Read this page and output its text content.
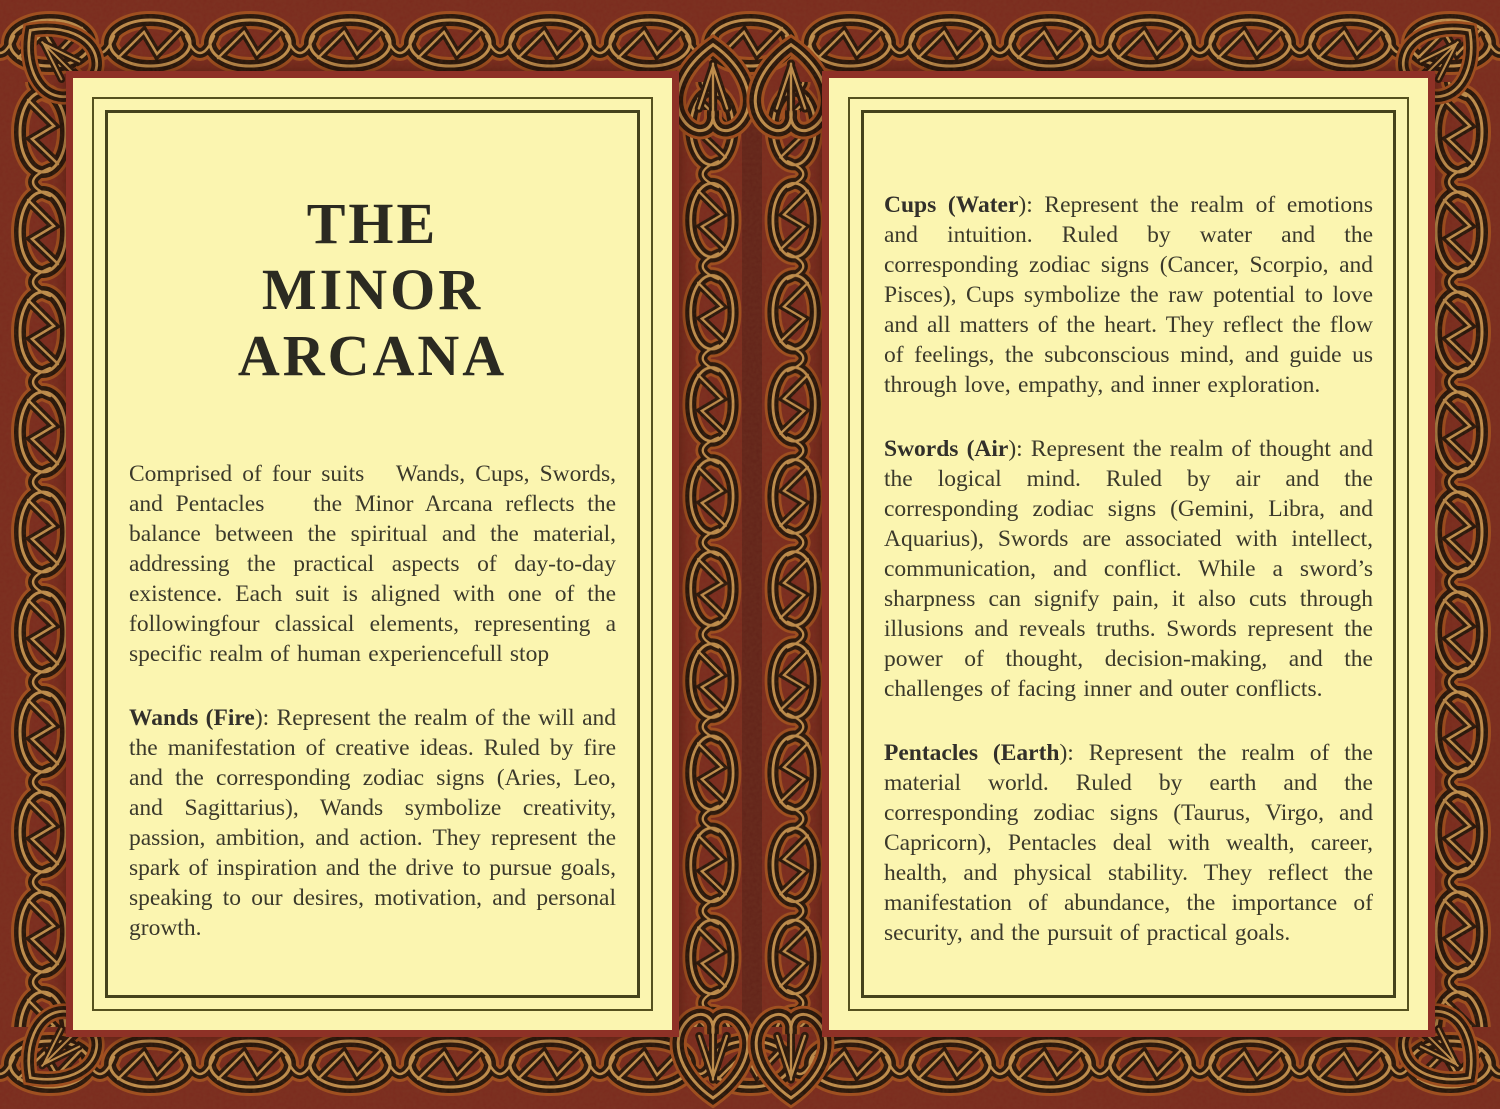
THE
MINOR
ARCANA

Comprised of four suits   Wands, Cups, Swords, and Pentacles    the Minor Arcana reflects the balance between the spiritual and the material, addressing the practical aspects of day-to-day existence. Each suit is aligned with one of the followingfour classical elements, representing a specific realm of human experiencefull stop

Wands (Fire): Represent the realm of the will and the manifestation of creative ideas. Ruled by fire and the corresponding zodiac signs (Aries, Leo, and Sagittarius), Wands symbolize creativity, passion, ambition, and action. They represent the spark of inspiration and the drive to pursue goals, speaking to our desires, motivation, and personal growth.

Cups (Water): Represent the realm of emotions and intuition. Ruled by water and the corresponding zodiac signs (Cancer, Scorpio, and Pisces), Cups symbolize the raw potential to love and all matters of the heart. They reflect the flow of feelings, the subconscious mind, and guide us through love, empathy, and inner exploration.

Swords (Air): Represent the realm of thought and the logical mind. Ruled by air and the corresponding zodiac signs (Gemini, Libra, and Aquarius), Swords are associated with intellect, communication, and conflict. While a sword’s sharpness can signify pain, it also cuts through illusions and reveals truths. Swords represent the power of thought, decision-making, and the challenges of facing inner and outer conflicts.

Pentacles (Earth): Represent the realm of the material world. Ruled by earth and the corresponding zodiac signs (Taurus, Virgo, and Capricorn), Pentacles deal with wealth, career, health, and physical stability. They reflect the manifestation of abundance, the importance of security, and the pursuit of practical goals.
